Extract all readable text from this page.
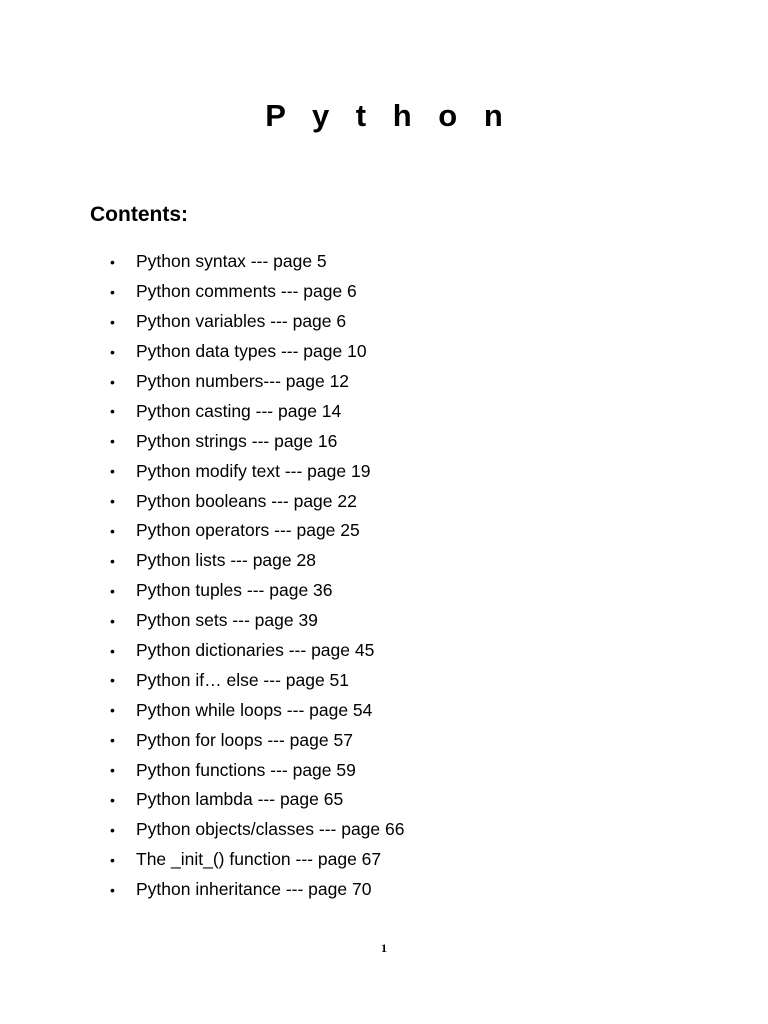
P y t h o n
Contents:
•	Python syntax --- page 5
•	Python comments --- page 6
•	Python variables --- page 6
•	Python data types --- page 10
•	Python numbers--- page 12
•	Python casting --- page 14
•	Python strings --- page 16
•	Python modify text --- page 19
•	Python booleans --- page 22
•	Python operators --- page 25
•	Python lists --- page 28
•	Python tuples --- page 36
•	Python sets --- page 39
•	Python dictionaries --- page 45
•	Python if… else --- page 51
•	Python while loops --- page 54
•	Python for loops --- page 57
•	Python functions --- page 59
•	Python lambda --- page 65
•	Python objects/classes --- page 66
•	The _init_() function --- page 67
•	Python inheritance --- page 70
1
